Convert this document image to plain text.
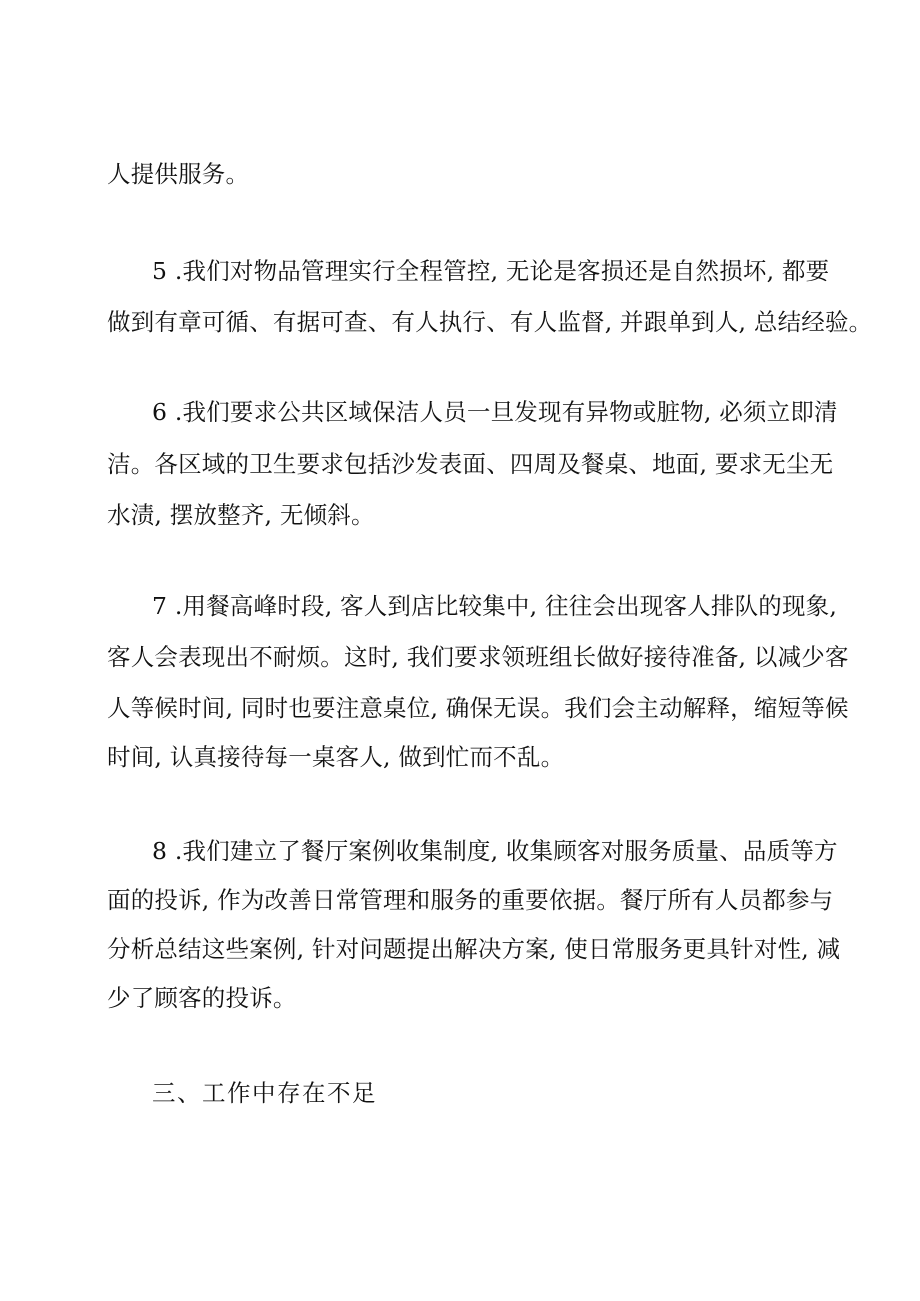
人提供服务。
5 .我们对物品管理实行全程管控, 无论是客损还是自然损坏, 都要
做到有章可循、有据可查、有人执行、有人监督, 并跟单到人, 总结经验。
6 .我们要求公共区域保洁人员一旦发现有异物或脏物, 必须立即清
洁。各区域的卫生要求包括沙发表面、四周及餐桌、地面, 要求无尘无
水渍, 摆放整齐, 无倾斜。
7 .用餐高峰时段, 客人到店比较集中, 往往会出现客人排队的现象,
客人会表现出不耐烦。这时, 我们要求领班组长做好接待准备, 以减少客
人等候时间, 同时也要注意桌位, 确保无误。我们会主动解释，缩短等候
时间, 认真接待每一桌客人, 做到忙而不乱。
8 .我们建立了餐厅案例收集制度, 收集顾客对服务质量、品质等方
面的投诉, 作为改善日常管理和服务的重要依据。餐厅所有人员都参与
分析总结这些案例, 针对问题提出解决方案, 使日常服务更具针对性, 减
少了顾客的投诉。
三、工作中存在不足
